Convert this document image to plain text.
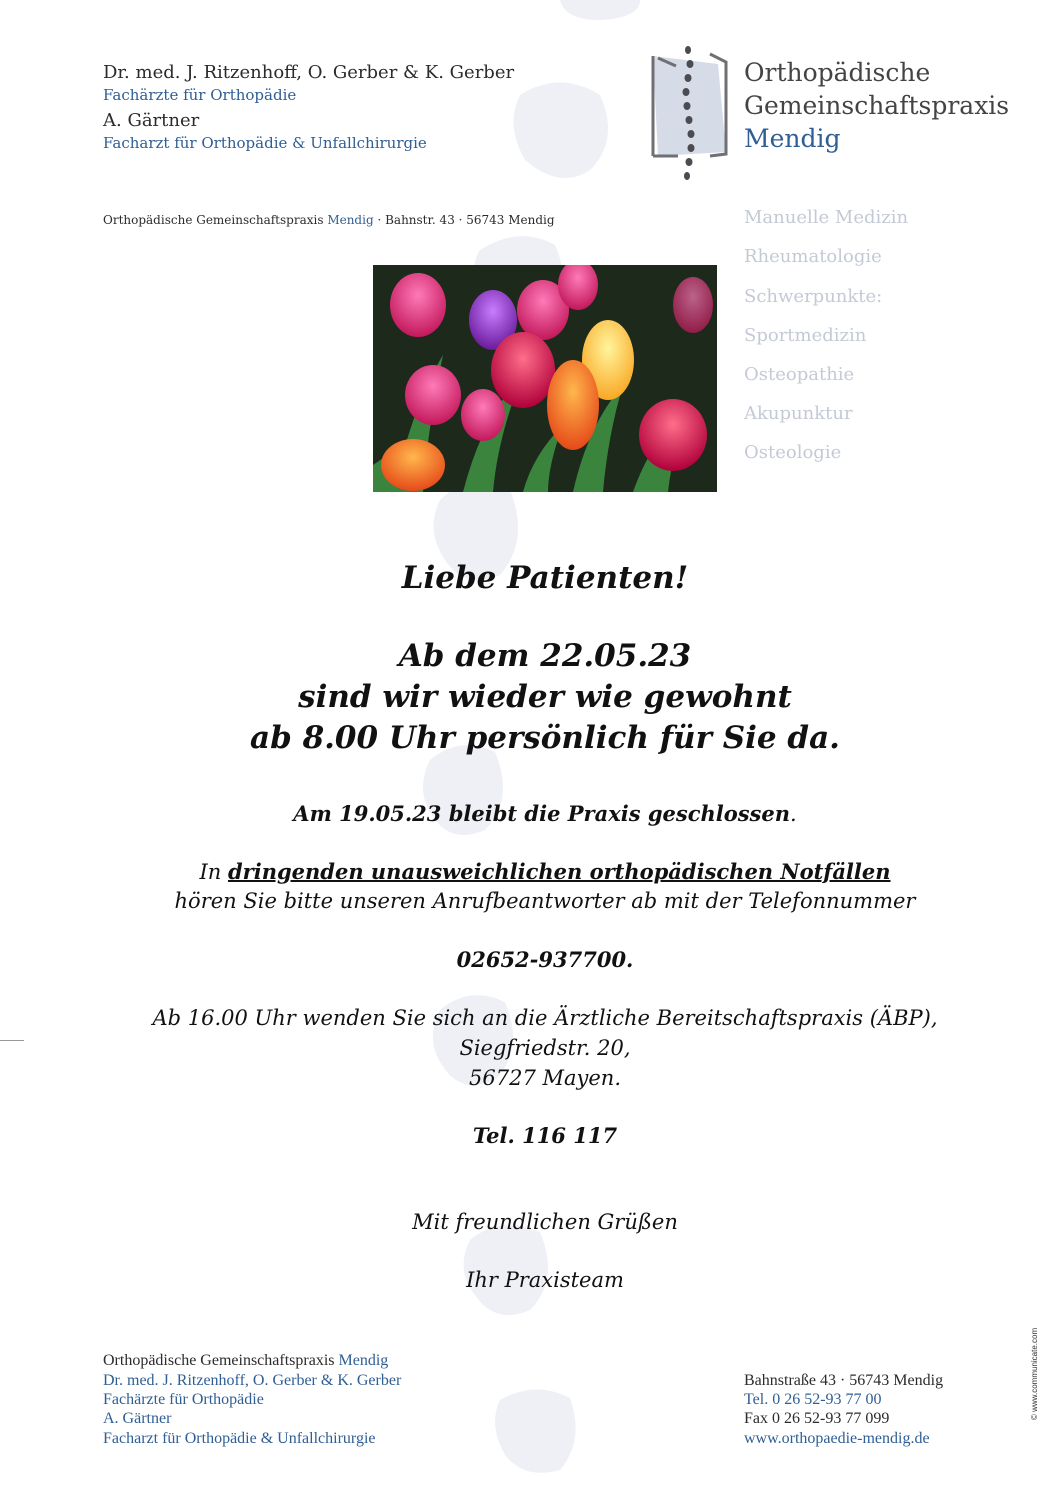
Dr. med. J. Ritzenhoff, O. Gerber & K. Gerber
Fachärzte für Orthopädie
A. Gärtner
Facharzt für Orthopädie & Unfallchirurgie
Orthopädische Gemeinschaftspraxis Mendig · Bahnstr. 43 · 56743 Mendig
Orthopädische
Gemeinschaftspraxis
Mendig
Manuelle Medizin
Rheumatologie
Schwerpunkte:
Sportmedizin
Osteopathie
Akupunktur
Osteologie
Liebe Patienten!
Ab dem 22.05.23
sind wir wieder wie gewohnt
ab 8.00 Uhr persönlich für Sie da.
Am 19.05.23 bleibt die Praxis geschlossen.
In dringenden unausweichlichen orthopädischen Notfällen
hören Sie bitte unseren Anrufbeantworter ab mit der Telefonnummer
02652-937700.
Ab 16.00 Uhr wenden Sie sich an die Ärztliche Bereitschaftspraxis (ÄBP),
Siegfriedstr. 20,
56727 Mayen.
Tel. 116 117
Mit freundlichen Grüßen
Ihr Praxisteam
Orthopädische Gemeinschaftspraxis Mendig
Dr. med. J. Ritzenhoff, O. Gerber & K. Gerber
Fachärzte für Orthopädie
A. Gärtner
Facharzt für Orthopädie & Unfallchirurgie
Bahnstraße 43 · 56743 Mendig
Tel. 0 26 52-93 77 00
Fax 0 26 52-93 77 099
www.orthopaedie-mendig.de
© www.communicate.com
